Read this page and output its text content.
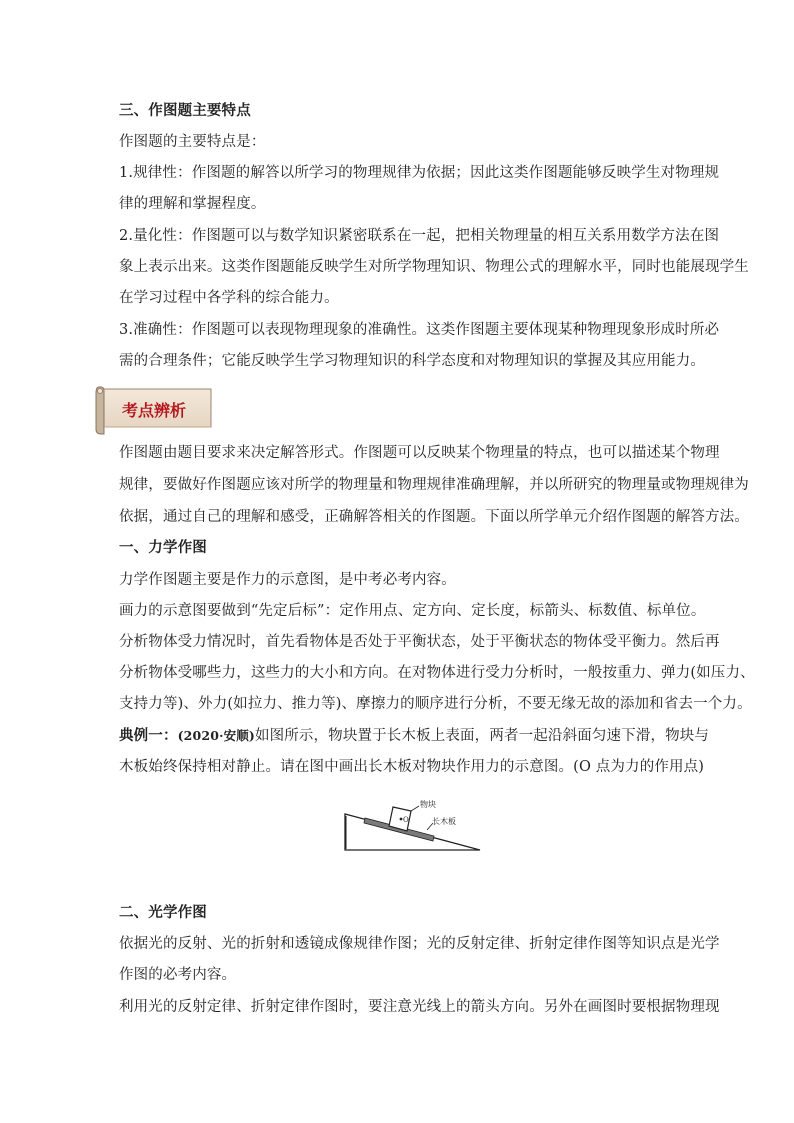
三、作图题主要特点
作图题的主要特点是：
1.规律性：作图题的解答以所学习的物理规律为依据；因此这类作图题能够反映学生对物理规
律的理解和掌握程度。
2.量化性：作图题可以与数学知识紧密联系在一起，把相关物理量的相互关系用数学方法在图
象上表示出来。这类作图题能反映学生对所学物理知识、物理公式的理解水平，同时也能展现学生
在学习过程中各学科的综合能力。
3.准确性：作图题可以表现物理现象的准确性。这类作图题主要体现某种物理现象形成时所必
需的合理条件；它能反映学生学习物理知识的科学态度和对物理知识的掌握及其应用能力。
考点辨析
作图题由题目要求来决定解答形式。作图题可以反映某个物理量的特点，也可以描述某个物理
规律，要做好作图题应该对所学的物理量和物理规律准确理解，并以所研究的物理量或物理规律为
依据，通过自己的理解和感受，正确解答相关的作图题。下面以所学单元介绍作图题的解答方法。
一、力学作图
力学作图题主要是作力的示意图，是中考必考内容。
画力的示意图要做到“先定后标”：定作用点、定方向、定长度，标箭头、标数值、标单位。
分析物体受力情况时，首先看物体是否处于平衡状态，处于平衡状态的物体受平衡力。然后再
分析物体受哪些力，这些力的大小和方向。在对物体进行受力分析时，一般按重力、弹力(如压力、
支持力等)、外力(如拉力、推力等)、摩擦力的顺序进行分析，不要无缘无故的添加和省去一个力。
典例一：(2020·安顺)如图所示，物块置于长木板上表面，两者一起沿斜面匀速下滑，物块与
木板始终保持相对静止。请在图中画出长木板对物块作用力的示意图。(O 点为力的作用点)
O
物块
长木板
二、光学作图
依据光的反射、光的折射和透镜成像规律作图；光的反射定律、折射定律作图等知识点是光学
作图的必考内容。
利用光的反射定律、折射定律作图时，要注意光线上的箭头方向。另外在画图时要根据物理现
